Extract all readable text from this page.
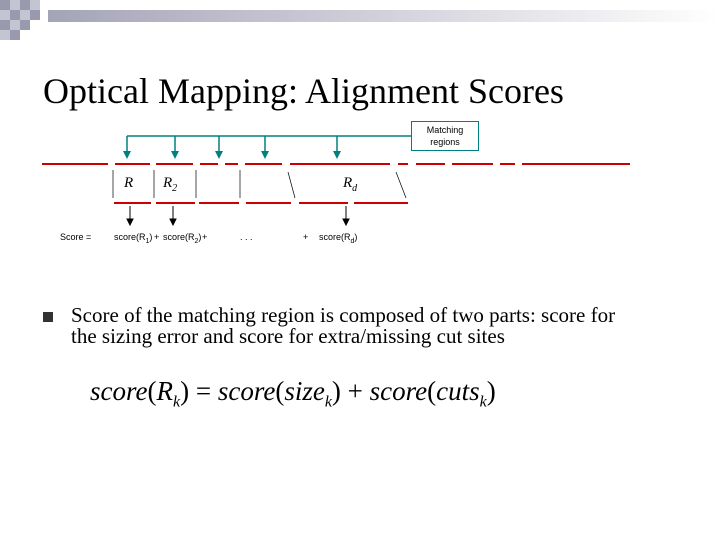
Optical Mapping: Alignment Scores
Matching
regions
R $R_2$	$R_d$
Score =	$score(R_1)$ + $score(R_2)$ +	. . .	+ $score(R_d)$
Score of the matching region is composed of two parts: score for the sizing error and score for extra/missing cut sites
$score(R_k)$ = score(size$_k$) + score(cuts$_k$)
